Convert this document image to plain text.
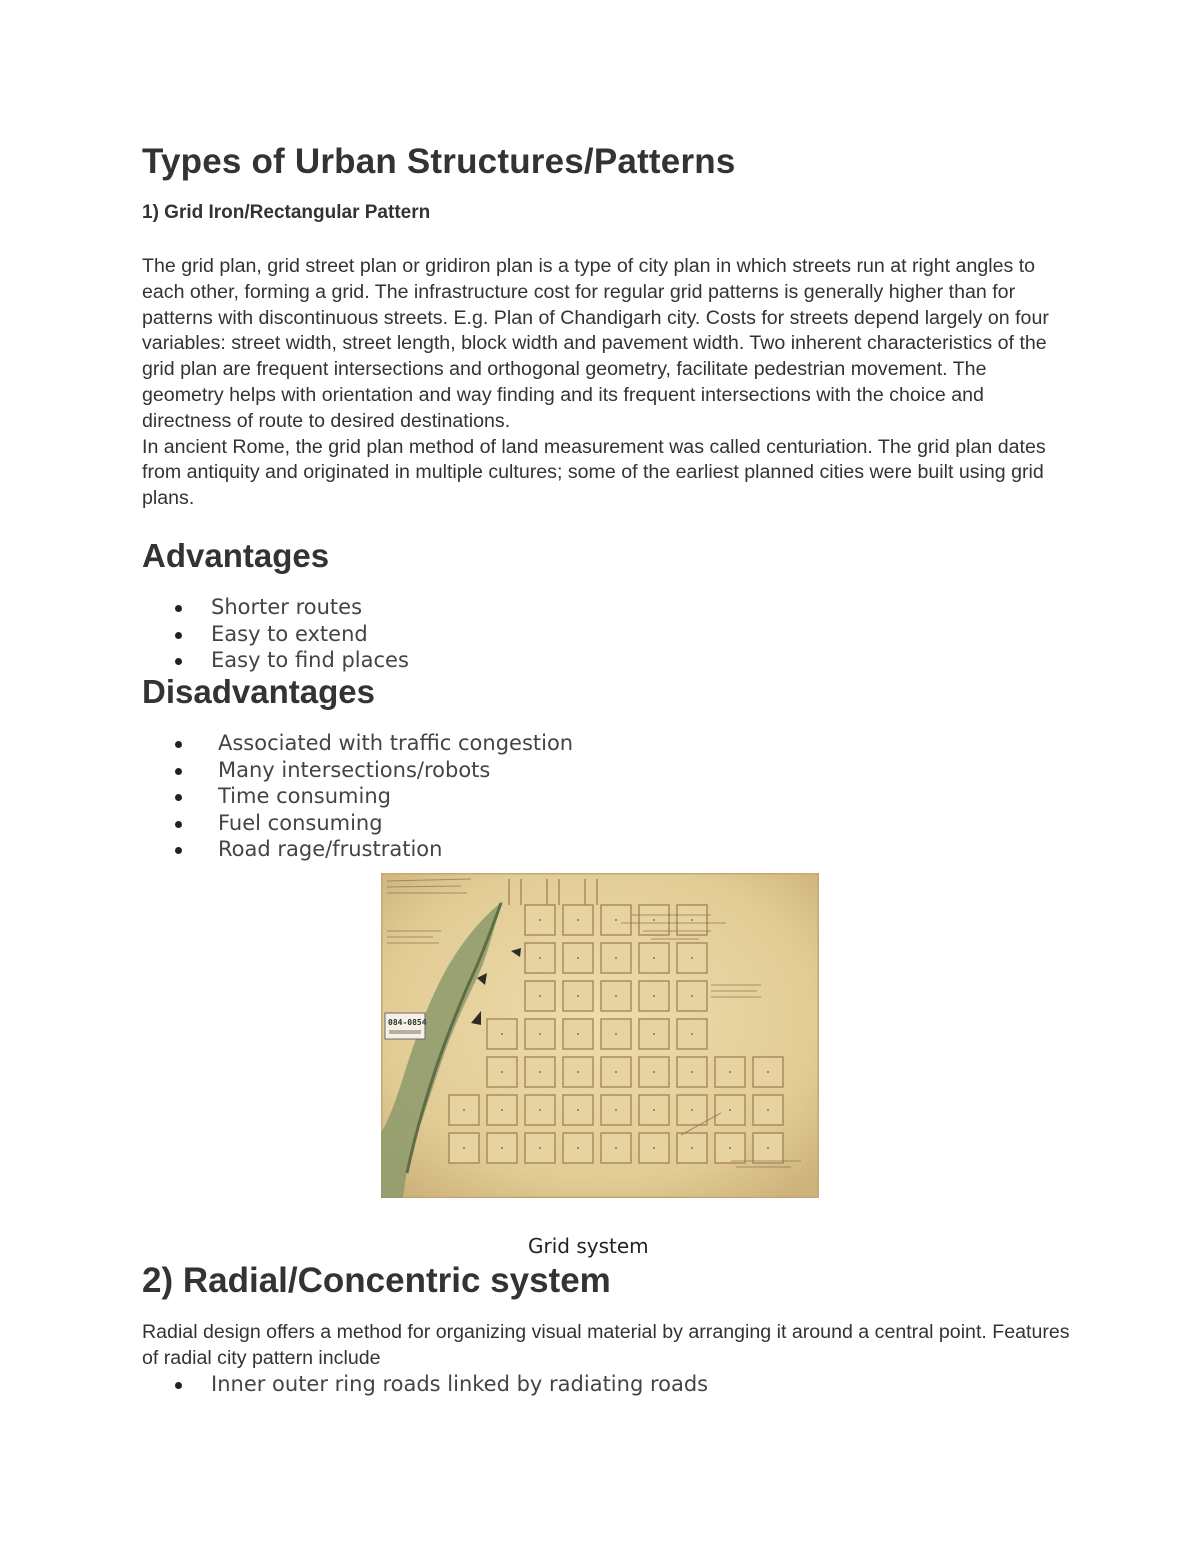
Types of Urban Structures/Patterns
1) Grid Iron/Rectangular Pattern

The grid plan, grid street plan or gridiron plan is a type of city plan in which streets run at right angles to each other, forming a grid. The infrastructure cost for regular grid patterns is generally higher than for patterns with discontinuous streets. E.g. Plan of Chandigarh city. Costs for streets depend largely on four variables: street width, street length, block width and pavement width. Two inherent characteristics of the grid plan are frequent intersections and orthogonal geometry, facilitate pedestrian movement. The geometry helps with orientation and way finding and its frequent intersections with the choice and directness of route to desired destinations.

In ancient Rome, the grid plan method of land measurement was called centuriation. The grid plan dates from antiquity and originated in multiple cultures; some of the earliest planned cities were built using grid plans.

Advantages
Shorter routes
Easy to extend
Easy to find places
Disadvantages
Associated with traffic congestion
Many intersections/robots
Time consuming
Fuel consuming
Road rage/frustration

Grid system

2) Radial/Concentric system

Radial design offers a method for organizing visual material by arranging it around a central point. Features of radial city pattern include

Inner outer ring roads linked by radiating roads
084-0854
